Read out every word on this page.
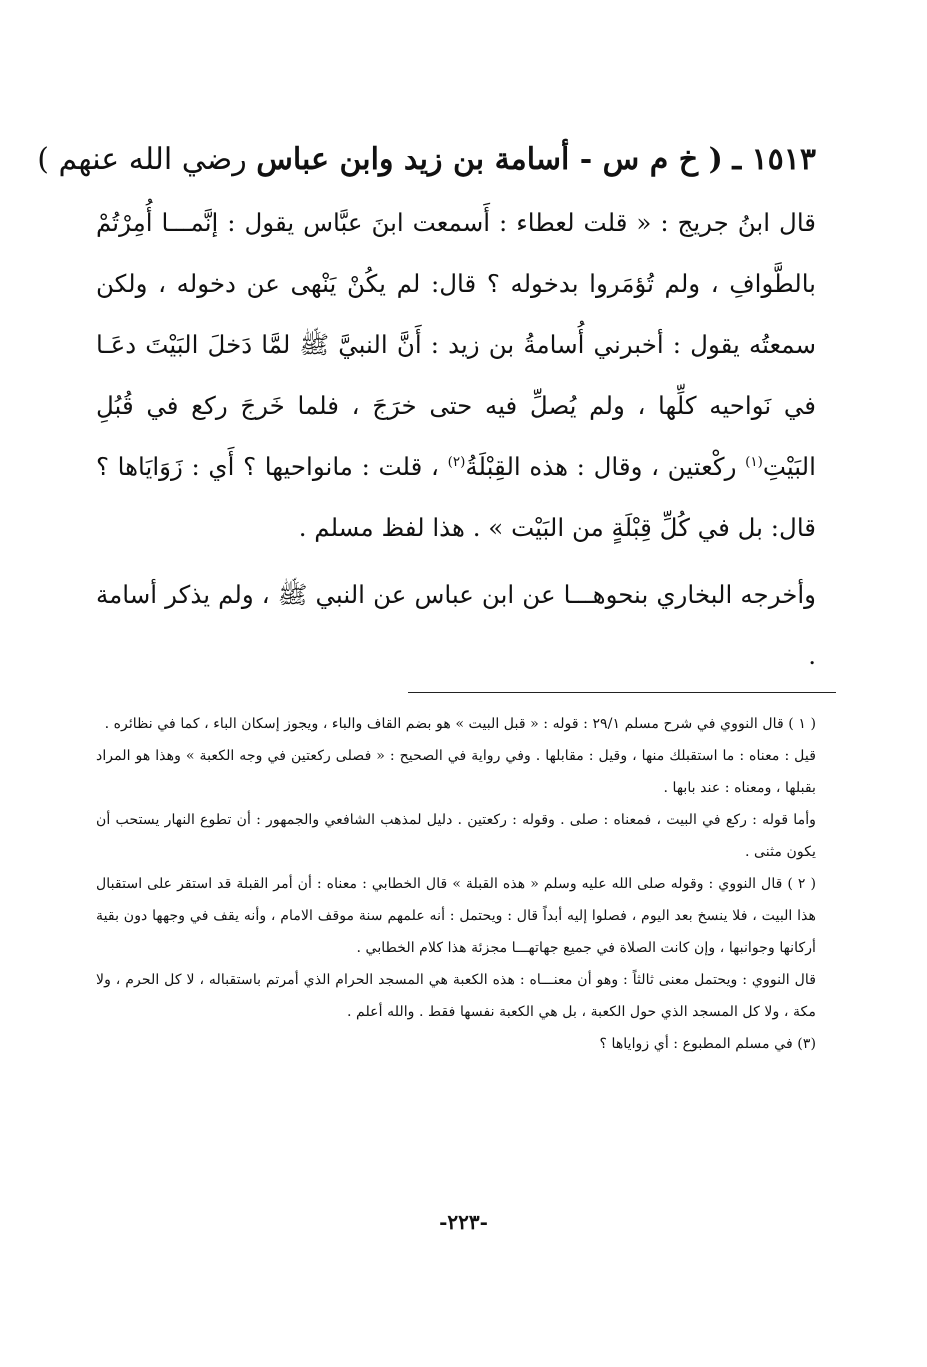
١٥١٣ ـ ( خ م س - أسامة بن زيد وابن عباس رضي الله عنهم )

قال ابنُ جريج : « قلت لعطاء : أَسمعت ابنَ عبَّاس يقول : إنَّمـــا أُمِرْتُمْ بالطَّوافِ ، ولم تُؤمَروا بدخوله ؟ قال: لم يكُنْ يَنْهى عن دخوله ، ولكن سمعتُه يقول : أخبرني أُسامةُ بن زيد : أَنَّ النبيَّ ﷺ لمَّا دَخلَ البَيْتَ دعَـا في نَواحيه كلِّها ، ولم يُصلِّ فيه حتى خرَجَ ، فلما خَرجَ ركع في قُبُلِ البَيْتِ$^{(١)}$ ركْعتين ، وقال : هذه القِبْلَةُ$^{(٢)}$ ، قلت : مانواحيها ؟ أَي : زَوَايَاها ؟ قال: بل في كُلِّ قِبْلَةٍ من البَيْت » . هذا لفظ مسلم .

وأخرجه البخاري بنحوهـــا عن ابن عباس عن النبي ﷺ ، ولم يذكر أسامة .

( ١ ) قال النووي في شرح مسلم ٢٩/١ : قوله : « قبل البيت » هو بضم القاف والباء ، ويجوز إسكان الباء ، كما في نظائره .

قيل : معناه : ما استقبلك منها ، وقيل : مقابلها . وفي رواية في الصحيح : « فصلى ركعتين في وجه الكعبة » وهذا هو المراد بقبلها ، ومعناه : عند بابها .

وأما قوله : ركع في البيت ، فمعناه : صلى . وقوله : ركعتين . دليل لمذهب الشافعي والجمهور : أن تطوع النهار يستحب أن يكون مثنى .

( ٢ ) قال النووي : وقوله صلى الله عليه وسلم « هذه القبلة » قال الخطابي : معناه : أن أمر القبلة قد استقر على استقبال هذا البيت ، فلا ينسخ بعد اليوم ، فصلوا إليه أبداً قال : ويحتمل : أنه علمهم سنة موقف الامام ، وأنه يقف في وجهها دون بقية أركانها وجوانبها ، وإن كانت الصلاة في جميع جهاتهـــا مجزئة هذا كلام الخطابي .

قال النووي : ويحتمل معنى ثالثاً : وهو أن معنـــاه : هذه الكعبة هي المسجد الحرام الذي أمرتم باستقباله ، لا كل الحرم ، ولا مكة ، ولا كل المسجد الذي حول الكعبة ، بل هي الكعبة نفسها فقط . والله أعلم .

(٣) في مسلم المطبوع : أي زواياها ؟

-٢٢٣-
